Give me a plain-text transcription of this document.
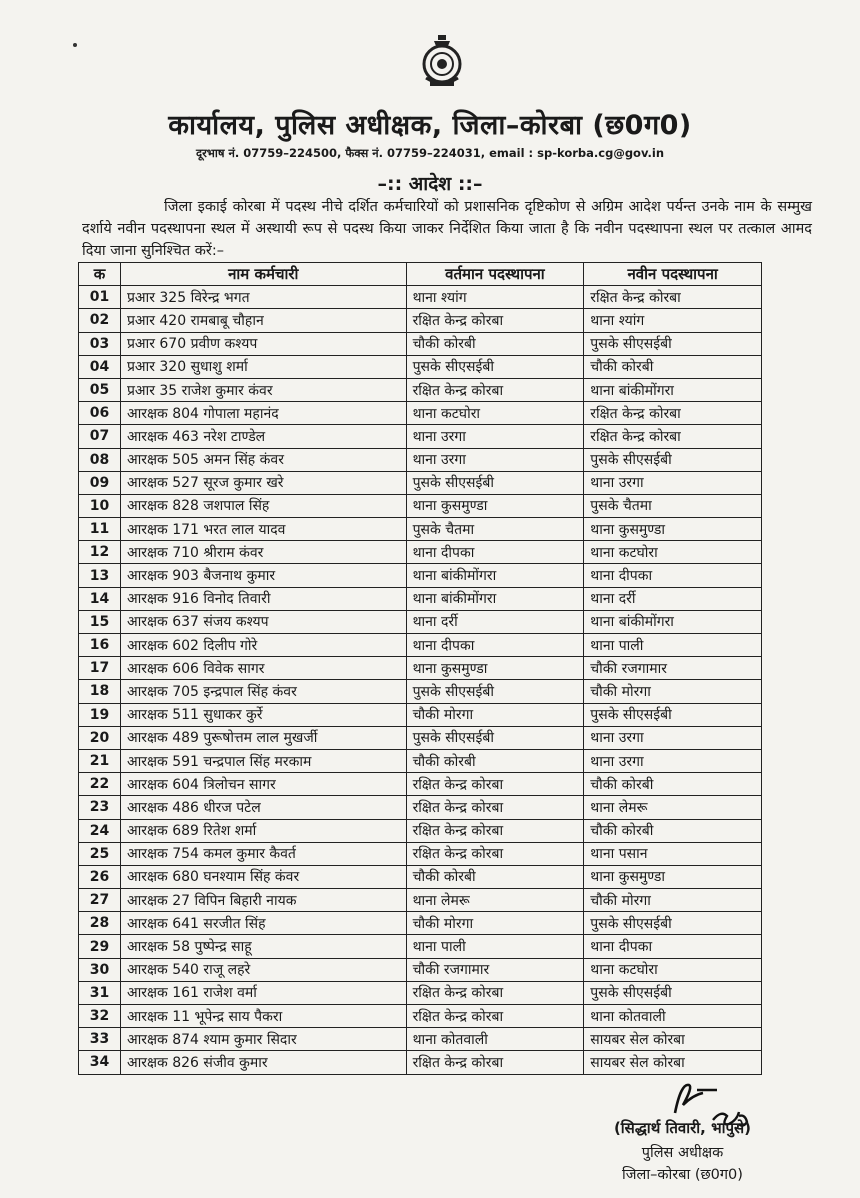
कार्यालय, पुलिस अधीक्षक, जिला–कोरबा (छ0ग0)
दूरभाष नं. 07759–224500, फैक्स नं. 07759–224031, email : sp-korba.cg@gov.in
–:: आदेश ::–
जिला इकाई कोरबा में पदस्थ नीचे दर्शित कर्मचारियों को प्रशासनिक दृष्टिकोण से अग्रिम आदेश पर्यन्त उनके नाम के सम्मुख दर्शाये नवीन पदस्थापना स्थल में अस्थायी रूप से पदस्थ किया जाकर निर्देशित किया जाता है कि नवीन पदस्थापना स्थल पर तत्काल आमद दिया जाना सुनिश्चित करें:–
क	नाम कर्मचारी	वर्तमान पदस्थापना	नवीन पदस्थापना
01	प्रआर 325 विरेन्द्र भगत	थाना श्यांग	रक्षित केन्द्र कोरबा
02	प्रआर 420 रामबाबू चौहान	रक्षित केन्द्र कोरबा	थाना श्यांग
03	प्रआर 670 प्रवीण कश्यप	चौकी कोरबी	पुसके सीएसईबी
04	प्रआर 320 सुधाशु शर्मा	पुसके सीएसईबी	चौकी कोरबी
05	प्रआर 35 राजेश कुमार कंवर	रक्षित केन्द्र कोरबा	थाना बांकीमोंगरा
06	आरक्षक 804 गोपाला महानंद	थाना कटघोरा	रक्षित केन्द्र कोरबा
07	आरक्षक 463 नरेश टाण्डेल	थाना उरगा	रक्षित केन्द्र कोरबा
08	आरक्षक 505 अमन सिंह कंवर	थाना उरगा	पुसके सीएसईबी
09	आरक्षक 527 सूरज कुमार खरे	पुसके सीएसईबी	थाना उरगा
10	आरक्षक 828 जशपाल सिंह	थाना कुसमुण्डा	पुसके चैतमा
11	आरक्षक 171 भरत लाल यादव	पुसके चैतमा	थाना कुसमुण्डा
12	आरक्षक 710 श्रीराम कंवर	थाना दीपका	थाना कटघोरा
13	आरक्षक 903 बैजनाथ कुमार	थाना बांकीमोंगरा	थाना दीपका
14	आरक्षक 916 विनोद तिवारी	थाना बांकीमोंगरा	थाना दर्री
15	आरक्षक 637 संजय कश्यप	थाना दर्री	थाना बांकीमोंगरा
16	आरक्षक 602 दिलीप गोरे	थाना दीपका	थाना पाली
17	आरक्षक 606 विवेक सागर	थाना कुसमुण्डा	चौकी रजगामार
18	आरक्षक 705 इन्द्रपाल सिंह कंवर	पुसके सीएसईबी	चौकी मोरगा
19	आरक्षक 511 सुधाकर कुर्रे	चौकी मोरगा	पुसके सीएसईबी
20	आरक्षक 489 पुरूषोत्तम लाल मुखर्जी	पुसके सीएसईबी	थाना उरगा
21	आरक्षक 591 चन्द्रपाल सिंह मरकाम	चौकी कोरबी	थाना उरगा
22	आरक्षक 604 त्रिलोचन सागर	रक्षित केन्द्र कोरबा	चौकी कोरबी
23	आरक्षक 486 धीरज पटेल	रक्षित केन्द्र कोरबा	थाना लेमरू
24	आरक्षक 689 रितेश शर्मा	रक्षित केन्द्र कोरबा	चौकी कोरबी
25	आरक्षक 754 कमल कुमार कैवर्त	रक्षित केन्द्र कोरबा	थाना पसान
26	आरक्षक 680 घनश्याम सिंह कंवर	चौकी कोरबी	थाना कुसमुण्डा
27	आरक्षक 27 विपिन बिहारी नायक	थाना लेमरू	चौकी मोरगा
28	आरक्षक 641 सरजीत सिंह	चौकी मोरगा	पुसके सीएसईबी
29	आरक्षक 58 पुष्पेन्द्र साहू	थाना पाली	थाना दीपका
30	आरक्षक 540 राजू लहरे	चौकी रजगामार	थाना कटघोरा
31	आरक्षक 161 राजेश वर्मा	रक्षित केन्द्र कोरबा	पुसके सीएसईबी
32	आरक्षक 11 भूपेन्द्र साय पैकरा	रक्षित केन्द्र कोरबा	थाना कोतवाली
33	आरक्षक 874 श्याम कुमार सिदार	थाना कोतवाली	सायबर सेल कोरबा
34	आरक्षक 826 संजीव कुमार	रक्षित केन्द्र कोरबा	सायबर सेल कोरबा
(सिद्धार्थ तिवारी, भापुसे)
पुलिस अधीक्षक
जिला–कोरबा (छ0ग0)
